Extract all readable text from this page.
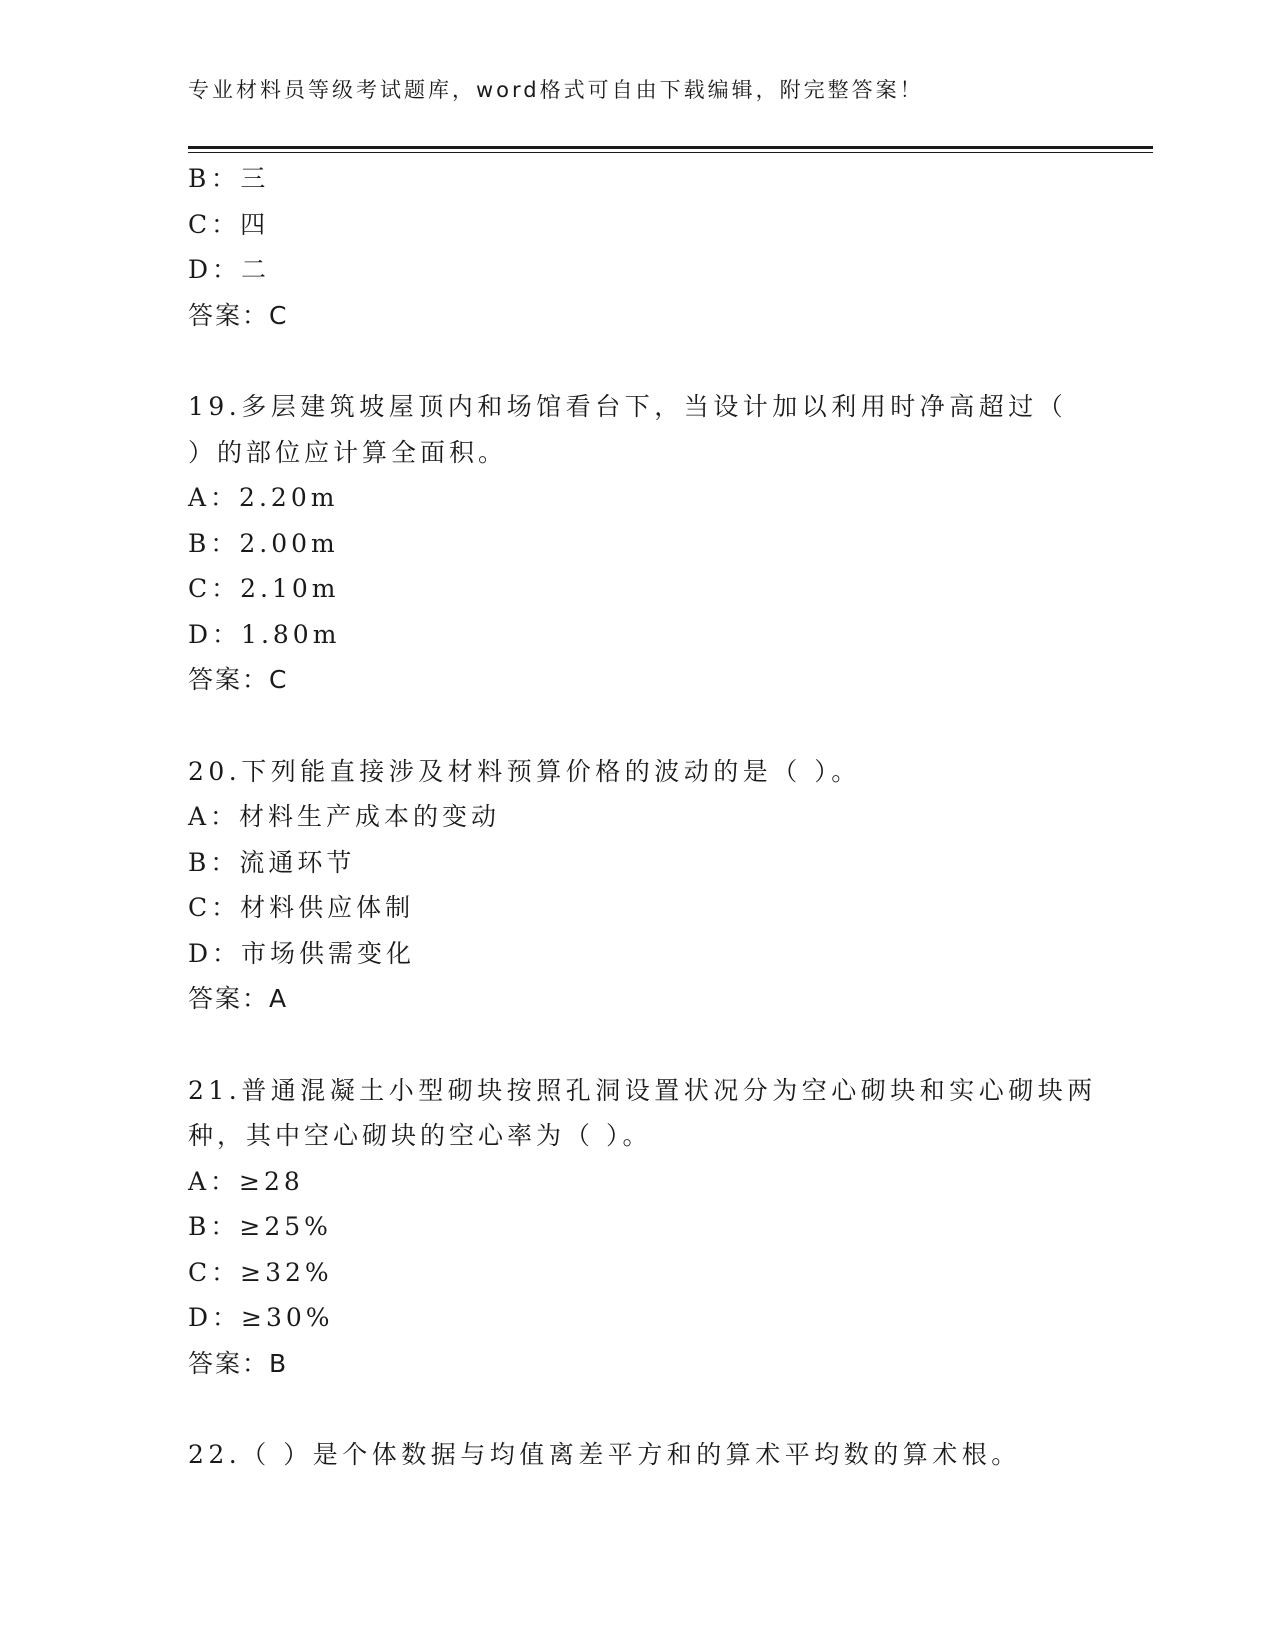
专业材料员等级考试题库，word格式可自由下载编辑，附完整答案！
B：三
C：四
D：二
答案：C
19.多层建筑坡屋顶内和场馆看台下，当设计加以利用时净高超过（
）的部位应计算全面积。
A：2.20m
B：2.00m
C：2.10m
D：1.80m
答案：C
20.下列能直接涉及材料预算价格的波动的是（ ）。
A：材料生产成本的变动
B：流通环节
C：材料供应体制
D：市场供需变化
答案：A
21.普通混凝土小型砌块按照孔洞设置状况分为空心砌块和实心砌块两
种，其中空心砌块的空心率为（ ）。
A：≥28
B：≥25%
C：≥32%
D：≥30%
答案：B
22.（ ）是个体数据与均值离差平方和的算术平均数的算术根。
